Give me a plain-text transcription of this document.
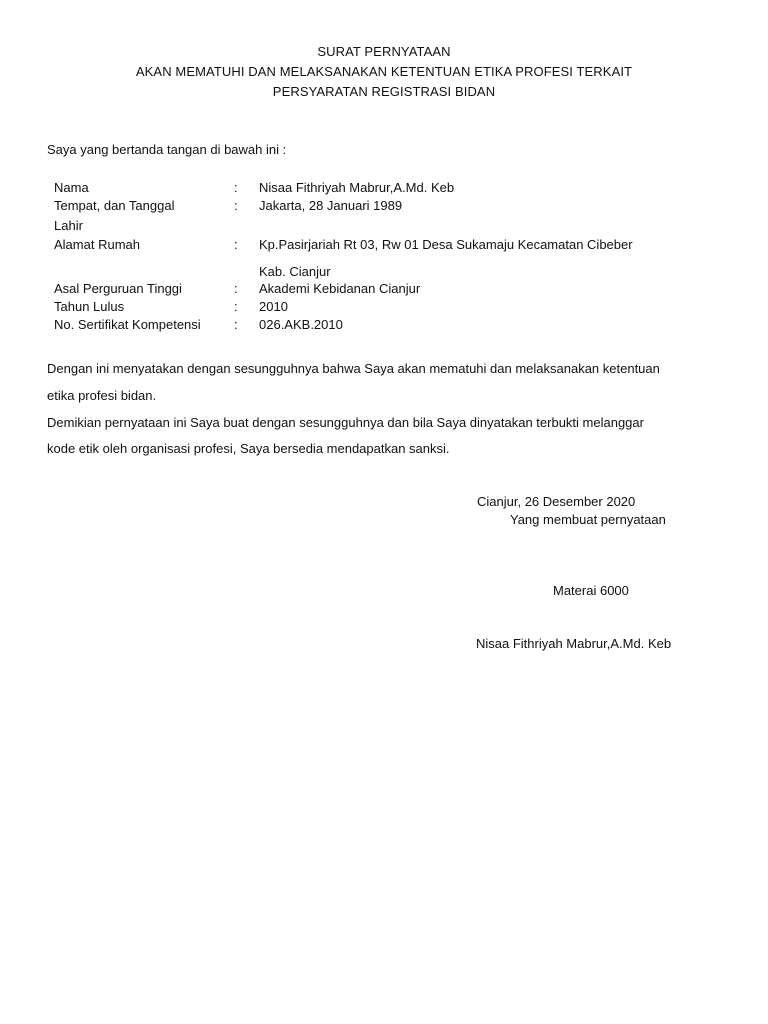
SURAT PERNYATAAN
AKAN MEMATUHI DAN MELAKSANAKAN KETENTUAN ETIKA PROFESI TERKAIT
PERSYARATAN REGISTRASI BIDAN
Saya yang bertanda tangan di bawah ini :
Nama	: Nisaa Fithriyah Mabrur,A.Md. Keb
Tempat, dan Tanggal	: Jakarta, 28 Januari 1989
Lahir
Alamat Rumah	: Kp.Pasirjariah Rt 03, Rw 01 Desa Sukamaju Kecamatan Cibeber
Kab. Cianjur
Asal Perguruan Tinggi	: Akademi Kebidanan Cianjur
Tahun Lulus	: 2010
No. Sertifikat Kompetensi	: 026.AKB.2010
Dengan ini menyatakan dengan sesungguhnya bahwa Saya akan mematuhi dan melaksanakan ketentuan
etika profesi bidan.
Demikian pernyataan ini Saya buat dengan sesungguhnya dan bila Saya dinyatakan terbukti melanggar
kode etik oleh organisasi profesi, Saya bersedia mendapatkan sanksi.
Cianjur, 26 Desember 2020
Yang membuat pernyataan
Materai 6000
Nisaa Fithriyah Mabrur,A.Md. Keb
